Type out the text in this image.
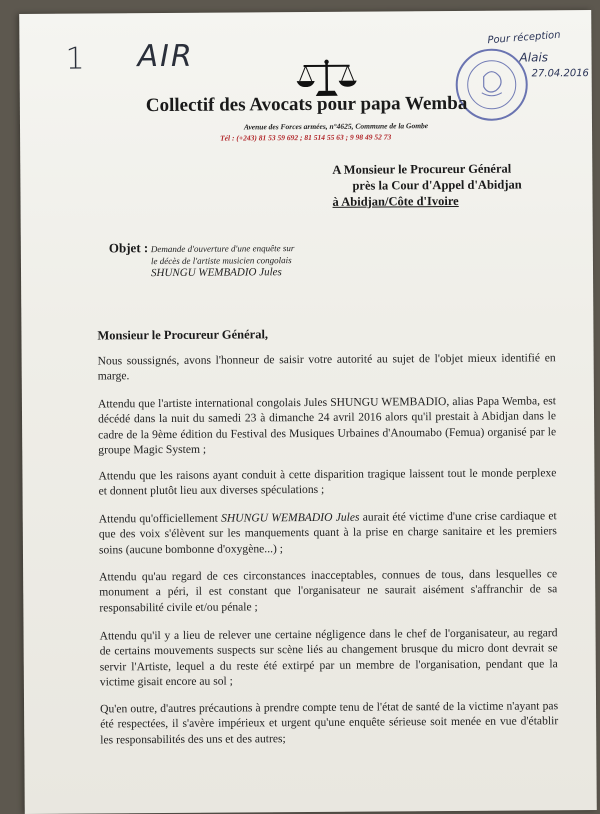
1 AIR
Pour réception
Alais
27.04.2016
Collectif des Avocats pour papa Wemba
Avenue des Forces armées, n°4625, Commune de la Gombe
Tél : (+243) 81 53 59 692 ; 81 514 55 63 ; 9 98 49 52 73
A Monsieur le Procureur Général
près la Cour d'Appel d'Abidjan
à Abidjan/Côte d'Ivoire
Objet : Demande d'ouverture d'une enquête sur
le décès de l'artiste musicien congolais
SHUNGU WEMBADIO Jules
Monsieur le Procureur Général,
Nous soussignés, avons l'honneur de saisir votre autorité au sujet de l'objet mieux identifié en marge.
Attendu que l'artiste international congolais Jules SHUNGU WEMBADIO, alias Papa Wemba, est décédé dans la nuit du samedi 23 à dimanche 24 avril 2016 alors qu'il prestait à Abidjan dans le cadre de la 9ème édition du Festival des Musiques Urbaines d'Anoumabo (Femua) organisé par le groupe Magic System ;
Attendu que les raisons ayant conduit à cette disparition tragique laissent tout le monde perplexe et donnent plutôt lieu aux diverses spéculations ;
Attendu qu'officiellement SHUNGU WEMBADIO Jules aurait été victime d'une crise cardiaque et que des voix s'élèvent sur les manquements quant à la prise en charge sanitaire et les premiers soins (aucune bombonne d'oxygène...) ;
Attendu qu'au regard de ces circonstances inacceptables, connues de tous, dans lesquelles ce monument a péri, il est constant que l'organisateur ne saurait aisément s'affranchir de sa responsabilité civile et/ou pénale ;
Attendu qu'il y a lieu de relever une certaine négligence dans le chef de l'organisateur, au regard de certains mouvements suspects sur scène liés au changement brusque du micro dont devrait se servir l'Artiste, lequel a du reste été extirpé par un membre de l'organisation, pendant que la victime gisait encore au sol ;
Qu'en outre, d'autres précautions à prendre compte tenu de l'état de santé de la victime n'ayant pas été respectées, il s'avère impérieux et urgent qu'une enquête sérieuse soit menée en vue d'établir les responsabilités des uns et des autres;
